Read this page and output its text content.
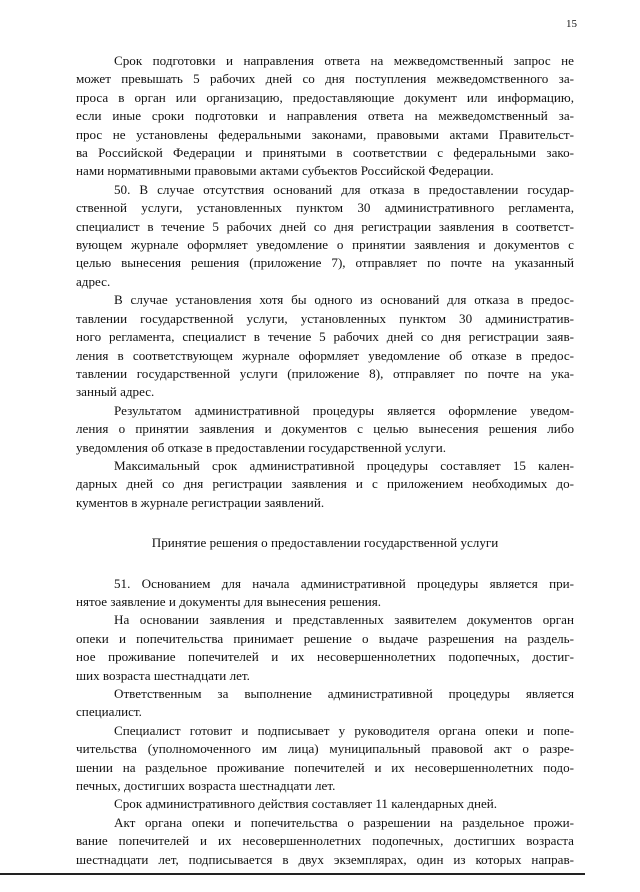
15
Срок подготовки и направления ответа на межведомственный запрос не
может превышать 5 рабочих дней со дня поступления межведомственного за-
проса в орган или организацию, предоставляющие документ или информацию,
если иные сроки подготовки и направления ответа на межведомственный за-
прос не установлены федеральными законами, правовыми актами Правительст-
ва Российской Федерации и принятыми в соответствии с федеральными зако-
нами нормативными правовыми актами субъектов Российской Федерации.
50. В случае отсутствия оснований для отказа в предоставлении государ-
ственной услуги, установленных пунктом 30 административного регламента,
специалист в течение 5 рабочих дней со дня регистрации заявления в соответст-
вующем журнале оформляет уведомление о принятии заявления и документов с
целью вынесения решения (приложение 7), отправляет по почте на указанный
адрес.
В случае установления хотя бы одного из оснований для отказа в предос-
тавлении государственной услуги, установленных пунктом 30 административ-
ного регламента, специалист в течение 5 рабочих дней со дня регистрации заяв-
ления в соответствующем журнале оформляет уведомление об отказе в предос-
тавлении государственной услуги (приложение 8), отправляет по почте на ука-
занный адрес.
Результатом административной процедуры является оформление уведом-
ления о принятии заявления и документов с целью вынесения решения либо
уведомления об отказе в предоставлении государственной услуги.
Максимальный срок административной процедуры составляет 15 кален-
дарных дней со дня регистрации заявления и с приложением необходимых до-
кументов в журнале регистрации заявлений.
Принятие решения о предоставлении государственной услуги
51. Основанием для начала административной процедуры является при-
нятое заявление и документы для вынесения решения.
На основании заявления и представленных заявителем документов орган
опеки и попечительства принимает решение о выдаче разрешения на раздель-
ное проживание попечителей и их несовершеннолетних подопечных, достиг-
ших возраста шестнадцати лет.
Ответственным за выполнение административной процедуры является
специалист.
Специалист готовит и подписывает у руководителя органа опеки и попе-
чительства (уполномоченного им лица) муниципальный правовой акт о разре-
шении на раздельное проживание попечителей и их несовершеннолетних подо-
печных, достигших возраста шестнадцати лет.
Срок административного действия составляет 11 календарных дней.
Акт органа опеки и попечительства о разрешении на раздельное прожи-
вание попечителей и их несовершеннолетних подопечных, достигших возраста
шестнадцати лет, подписывается в двух экземплярах, один из которых направ-
